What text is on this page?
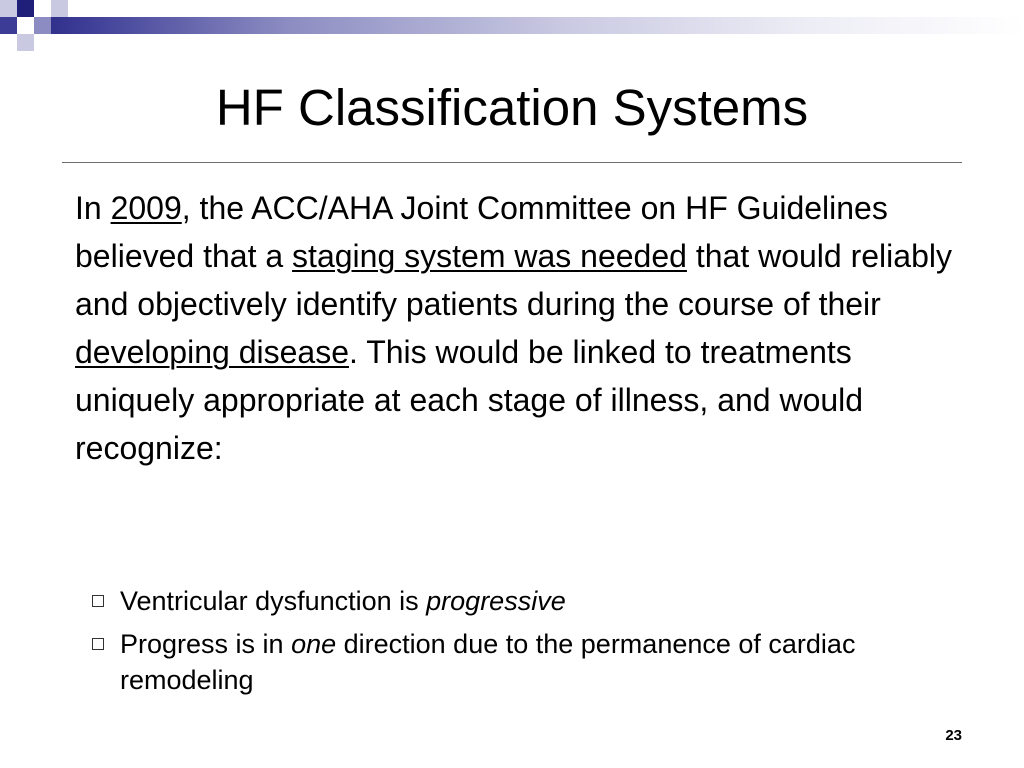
HF Classification Systems

In 2009, the ACC/AHA Joint Committee on HF Guidelines believed that a staging system was needed that would reliably and objectively identify patients during the course of their developing disease. This would be linked to treatments uniquely appropriate at each stage of illness, and would recognize:

Ventricular dysfunction is progressive
Progress is in one direction due to the permanence of cardiac remodeling
23
